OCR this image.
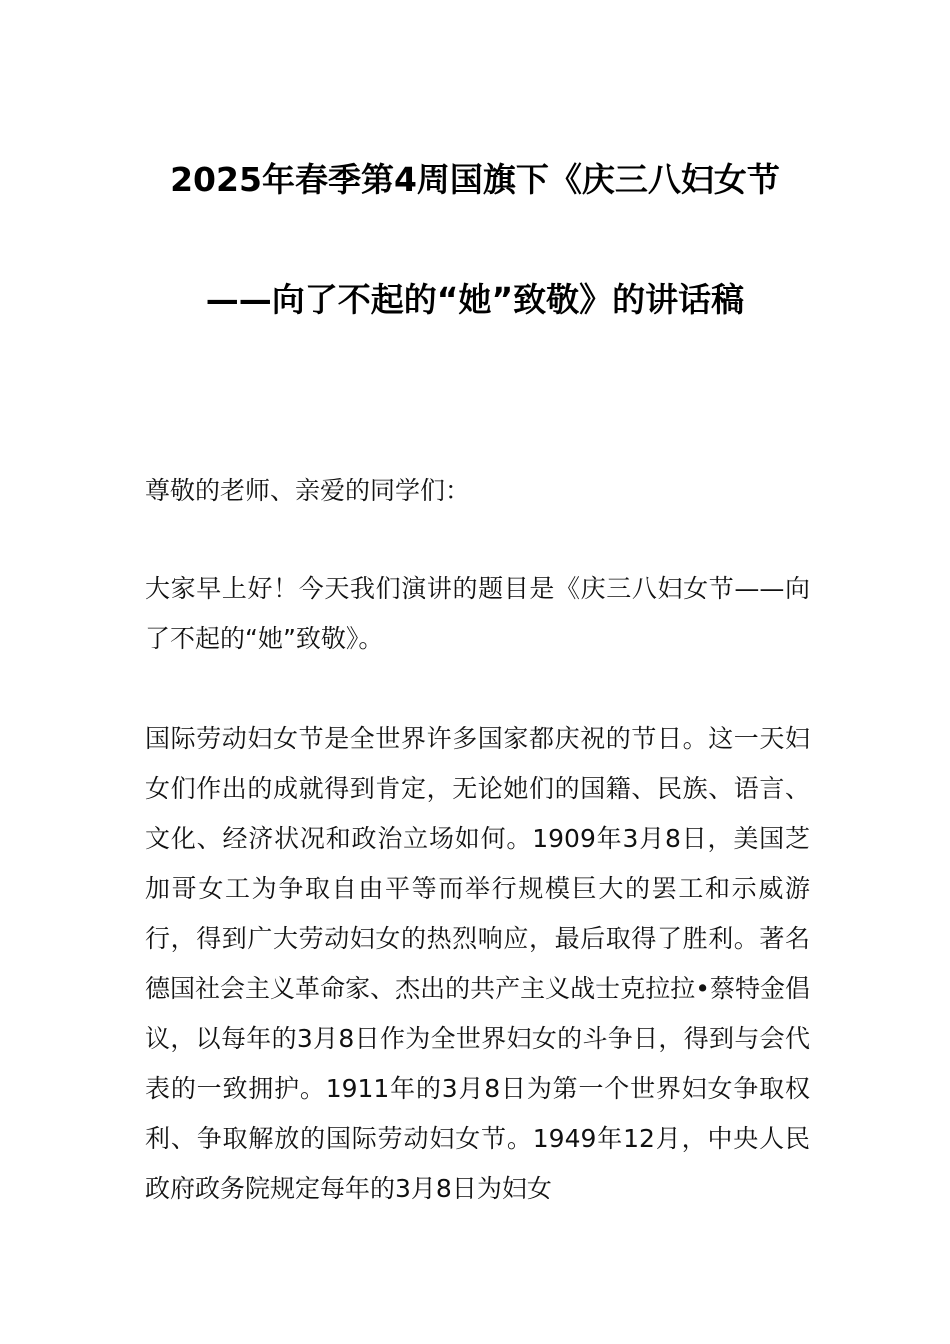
2025年春季第4周国旗下《庆三八妇女节
——向了不起的“她”致敬》的讲话稿
尊敬的老师、亲爱的同学们：
大家早上好！今天我们演讲的题目是《庆三八妇女节——向了不起的“她”致敬》。
国际劳动妇女节是全世界许多国家都庆祝的节日。这一天妇女们作出的成就得到肯定，无论她们的国籍、民族、语言、文化、经济状况和政治立场如何。1909年3月8日，美国芝加哥女工为争取自由平等而举行规模巨大的罢工和示威游行，得到广大劳动妇女的热烈响应，最后取得了胜利。著名德国社会主义革命家、杰出的共产主义战士克拉拉•蔡特金倡议，以每年的3月8日作为全世界妇女的斗争日，得到与会代表的一致拥护。1911年的3月8日为第一个世界妇女争取权利、争取解放的国际劳动妇女节。1949年12月，中央人民政府政务院规定每年的3月8日为妇女
